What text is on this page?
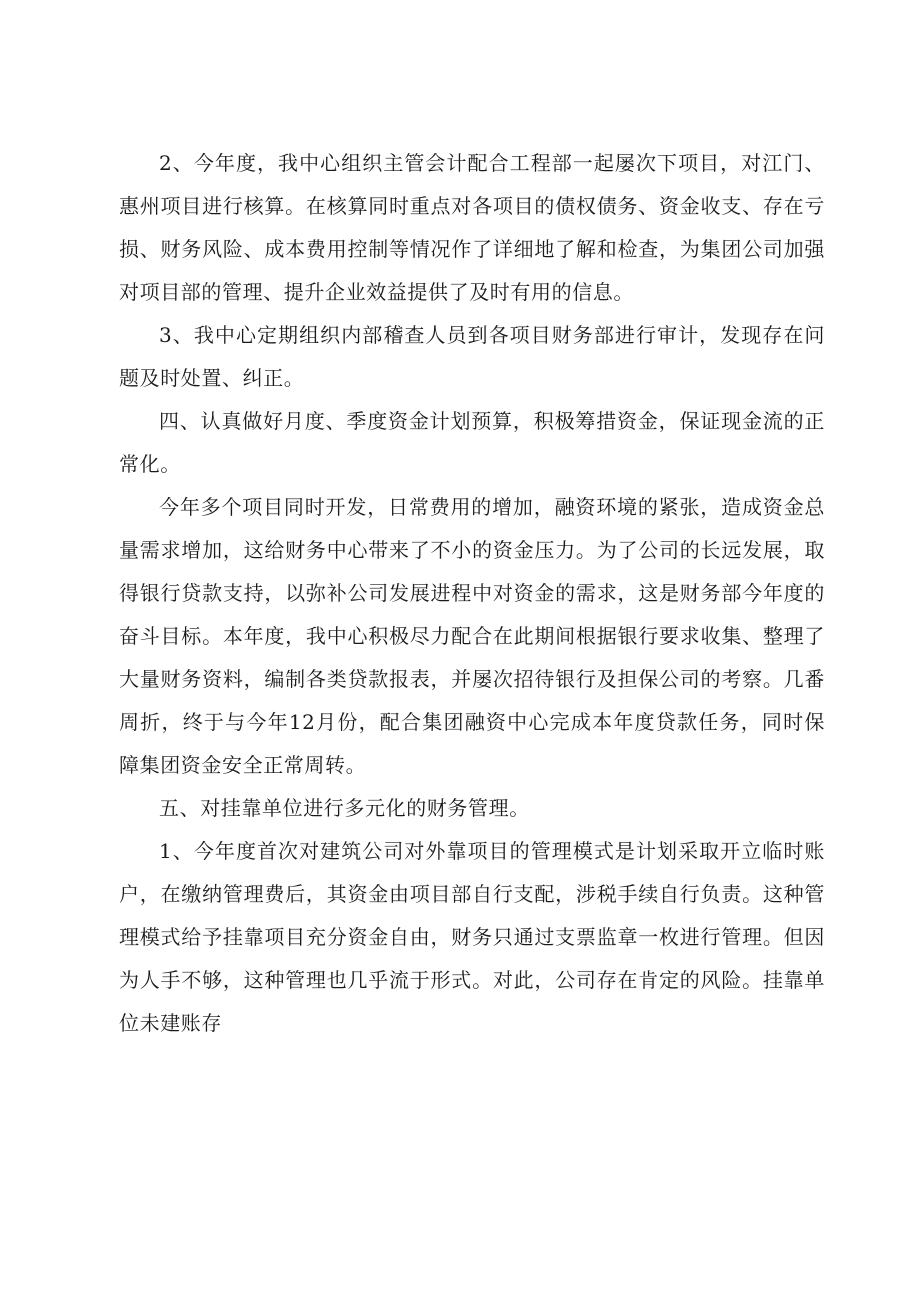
2、今年度，我中心组织主管会计配合工程部一起屡次下项目，对江门、惠州项目进行核算。在核算同时重点对各项目的债权债务、资金收支、存在亏损、财务风险、成本费用控制等情况作了详细地了解和检查，为集团公司加强对项目部的管理、提升企业效益提供了及时有用的信息。

3、我中心定期组织内部稽查人员到各项目财务部进行审计，发现存在问题及时处置、纠正。

四、认真做好月度、季度资金计划预算，积极筹措资金，保证现金流的正常化。

今年多个项目同时开发，日常费用的增加，融资环境的紧张，造成资金总量需求增加，这给财务中心带来了不小的资金压力。为了公司的长远发展，取得银行贷款支持，以弥补公司发展进程中对资金的需求，这是财务部今年度的奋斗目标。本年度，我中心积极尽力配合在此期间根据银行要求收集、整理了大量财务资料，编制各类贷款报表，并屡次招待银行及担保公司的考察。几番周折，终于与今年12月份，配合集团融资中心完成本年度贷款任务，同时保障集团资金安全正常周转。

五、对挂靠单位进行多元化的财务管理。

1、今年度首次对建筑公司对外靠项目的管理模式是计划采取开立临时账户，在缴纳管理费后，其资金由项目部自行支配，涉税手续自行负责。这种管理模式给予挂靠项目充分资金自由，财务只通过支票监章一枚进行管理。但因为人手不够，这种管理也几乎流于形式。对此，公司存在肯定的风险。挂靠单位未建账存
